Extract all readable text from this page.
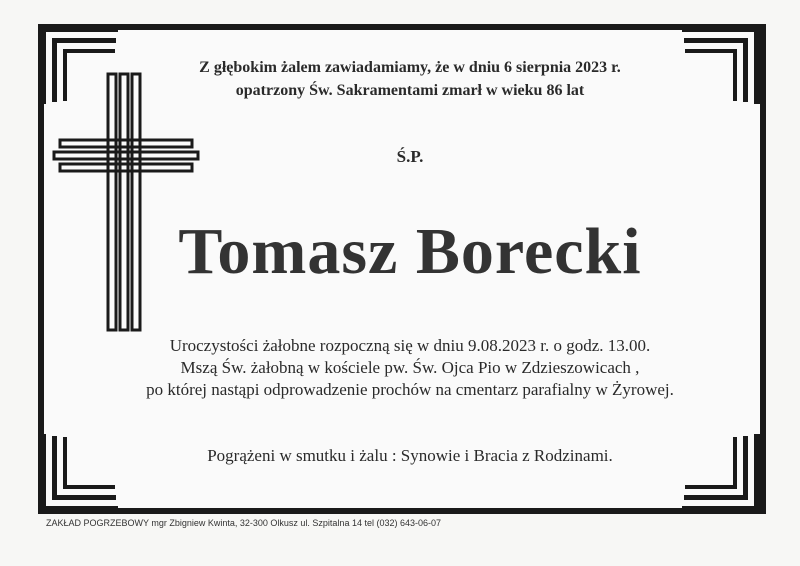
Z głębokim żalem zawiadamiamy, że w dniu 6 sierpnia 2023 r.
opatrzony Św. Sakramentami zmarł w wieku 86 lat
Ś.P.
Tomasz Borecki
Uroczystości żałobne rozpoczną się w dniu 9.08.2023 r. o godz. 13.00.
Mszą Św. żałobną w kościele pw. Św. Ojca Pio w Zdzieszowicach ,
po której nastąpi odprowadzenie prochów na cmentarz parafialny w Żyrowej.
Pogrążeni w smutku i żalu : Synowie i Bracia z Rodzinami.
ZAKŁAD POGRZEBOWY mgr Zbigniew Kwinta, 32-300 Olkusz ul. Szpitalna 14 tel (032) 643-06-07
